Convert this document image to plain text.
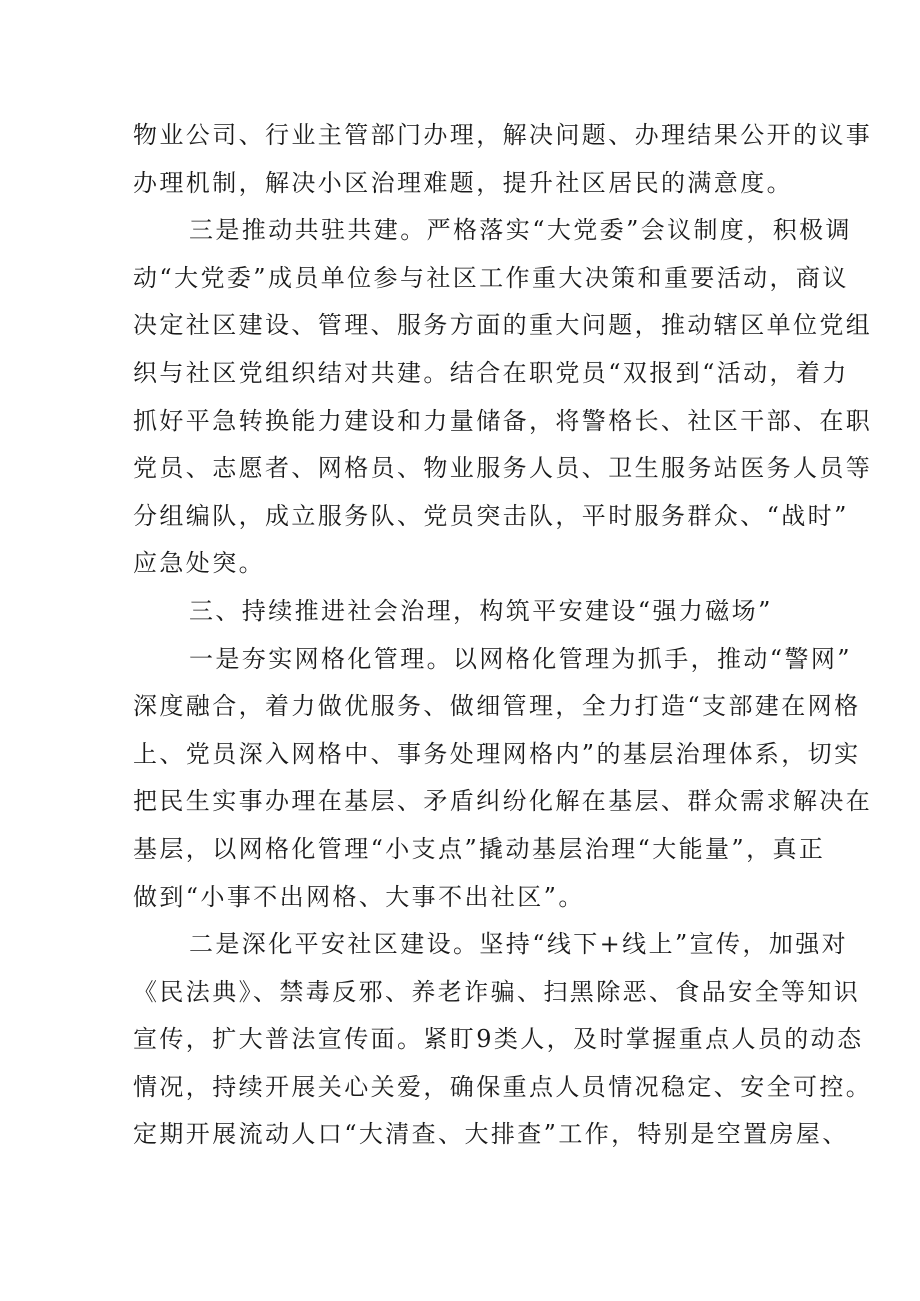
物业公司、行业主管部门办理，解决问题、办理结果公开的议事
办理机制，解决小区治理难题，提升社区居民的满意度。
三是推动共驻共建。严格落实“大党委”会议制度，积极调
动“大党委”成员单位参与社区工作重大决策和重要活动，商议
决定社区建设、管理、服务方面的重大问题，推动辖区单位党组
织与社区党组织结对共建。结合在职党员“双报到“活动，着力
抓好平急转换能力建设和力量储备，将警格长、社区干部、在职
党员、志愿者、网格员、物业服务人员、卫生服务站医务人员等
分组编队，成立服务队、党员突击队，平时服务群众、“战时”
应急处突。
三、持续推进社会治理，构筑平安建设“强力磁场”
一是夯实网格化管理。以网格化管理为抓手，推动“警网”
深度融合，着力做优服务、做细管理，全力打造“支部建在网格
上、党员深入网格中、事务处理网格内”的基层治理体系，切实
把民生实事办理在基层、矛盾纠纷化解在基层、群众需求解决在
基层，以网格化管理“小支点”撬动基层治理“大能量”，真正
做到“小事不出网格、大事不出社区”。
二是深化平安社区建设。坚持“线下+线上”宣传，加强对
《民法典》、禁毒反邪、养老诈骗、扫黑除恶、食品安全等知识
宣传，扩大普法宣传面。紧盯9类人，及时掌握重点人员的动态
情况，持续开展关心关爱，确保重点人员情况稳定、安全可控。
定期开展流动人口“大清查、大排查”工作，特别是空置房屋、
